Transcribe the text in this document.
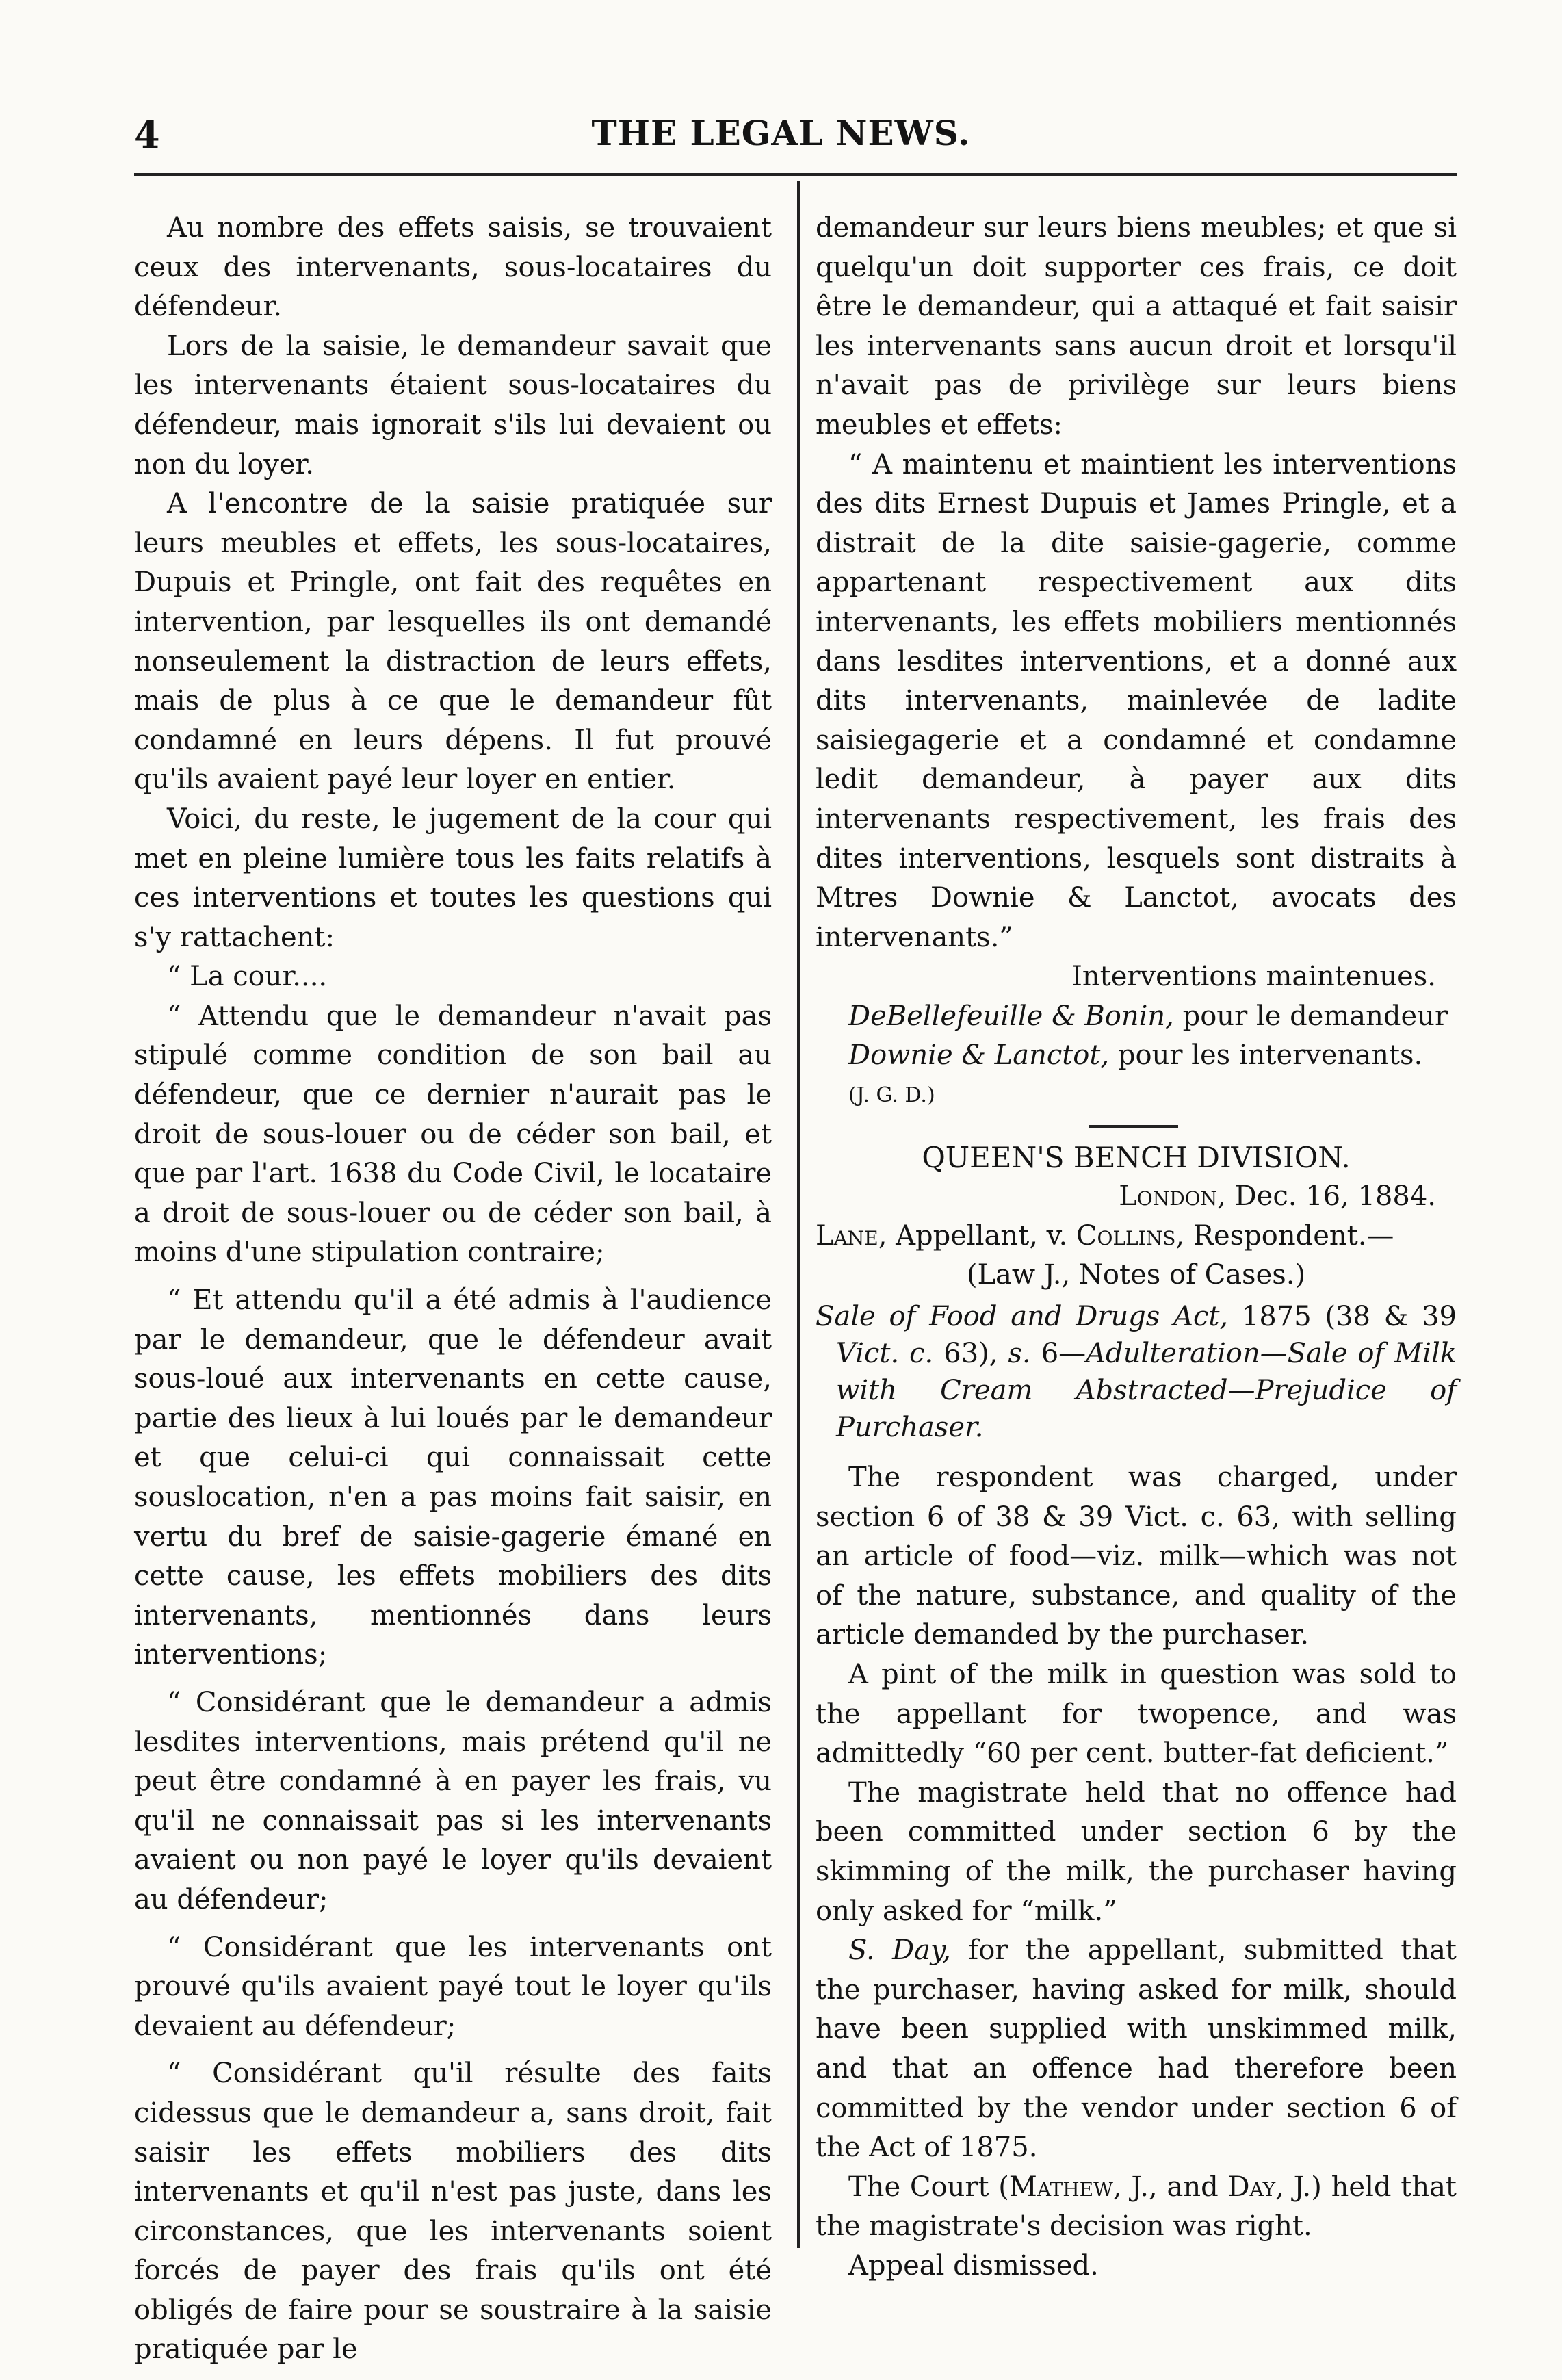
4	THE LEGAL NEWS.

Au nombre des effets saisis, se trouvaient ceux des intervenants, sous-locataires du défendeur.

Lors de la saisie, le demandeur savait que les intervenants étaient sous-locataires du défendeur, mais ignorait s'ils lui devaient ou non du loyer.

A l'encontre de la saisie pratiquée sur leurs meubles et effets, les sous-locataires, Dupuis et Pringle, ont fait des requêtes en intervention, par lesquelles ils ont demandé nonseulement la distraction de leurs effets, mais de plus à ce que le demandeur fût condamné en leurs dépens. Il fut prouvé qu'ils avaient payé leur loyer en entier.

Voici, du reste, le jugement de la cour qui met en pleine lumière tous les faits relatifs à ces interventions et toutes les questions qui s'y rattachent:

“ La cour....

“ Attendu que le demandeur n'avait pas stipulé comme condition de son bail au défendeur, que ce dernier n'aurait pas le droit de sous-louer ou de céder son bail, et que par l'art. 1638 du Code Civil, le locataire a droit de sous-louer ou de céder son bail, à moins d'une stipulation contraire;

“ Et attendu qu'il a été admis à l'audience par le demandeur, que le défendeur avait sous-loué aux intervenants en cette cause, partie des lieux à lui loués par le demandeur et que celui-ci qui connaissait cette souslocation, n'en a pas moins fait saisir, en vertu du bref de saisie-gagerie émané en cette cause, les effets mobiliers des dits intervenants, mentionnés dans leurs interventions;

“ Considérant que le demandeur a admis lesdites interventions, mais prétend qu'il ne peut être condamné à en payer les frais, vu qu'il ne connaissait pas si les intervenants avaient ou non payé le loyer qu'ils devaient au défendeur;

“ Considérant que les intervenants ont prouvé qu'ils avaient payé tout le loyer qu'ils devaient au défendeur;

“ Considérant qu'il résulte des faits cidessus que le demandeur a, sans droit, fait saisir les effets mobiliers des dits intervenants et qu'il n'est pas juste, dans les circonstances, que les intervenants soient forcés de payer des frais qu'ils ont été obligés de faire pour se soustraire à la saisie pratiquée par le

demandeur sur leurs biens meubles; et que si quelqu'un doit supporter ces frais, ce doit être le demandeur, qui a attaqué et fait saisir les intervenants sans aucun droit et lorsqu'il n'avait pas de privilège sur leurs biens meubles et effets:

“ A maintenu et maintient les interventions des dits Ernest Dupuis et James Pringle, et a distrait de la dite saisie-gagerie, comme appartenant respectivement aux dits intervenants, les effets mobiliers mentionnés dans lesdites interventions, et a donné aux dits intervenants, mainlevée de ladite saisiegagerie et a condamné et condamne ledit demandeur, à payer aux dits intervenants respectivement, les frais des dites interventions, lesquels sont distraits à Mtres Downie & Lanctot, avocats des intervenants.”

Interventions maintenues.

DeBellefeuille & Bonin, pour le demandeur

Downie & Lanctot, pour les intervenants.

(J. G. D.)

QUEEN'S BENCH DIVISION.

London, Dec. 16, 1884.

Lane, Appellant, v. Collins, Respondent.—

(Law J., Notes of Cases.)

Sale of Food and Drugs Act, 1875 (38 & 39 Vict. c. 63), s. 6—Adulteration—Sale of Milk with Cream Abstracted—Prejudice of Purchaser.

The respondent was charged, under section 6 of 38 & 39 Vict. c. 63, with selling an article of food—viz. milk—which was not of the nature, substance, and quality of the article demanded by the purchaser.

A pint of the milk in question was sold to the appellant for twopence, and was admittedly “60 per cent. butter-fat deficient.”

The magistrate held that no offence had been committed under section 6 by the skimming of the milk, the purchaser having only asked for “milk.”

S. Day, for the appellant, submitted that the purchaser, having asked for milk, should have been supplied with unskimmed milk, and that an offence had therefore been committed by the vendor under section 6 of the Act of 1875.

The Court (Mathew, J., and Day, J.) held that the magistrate's decision was right.

Appeal dismissed.
